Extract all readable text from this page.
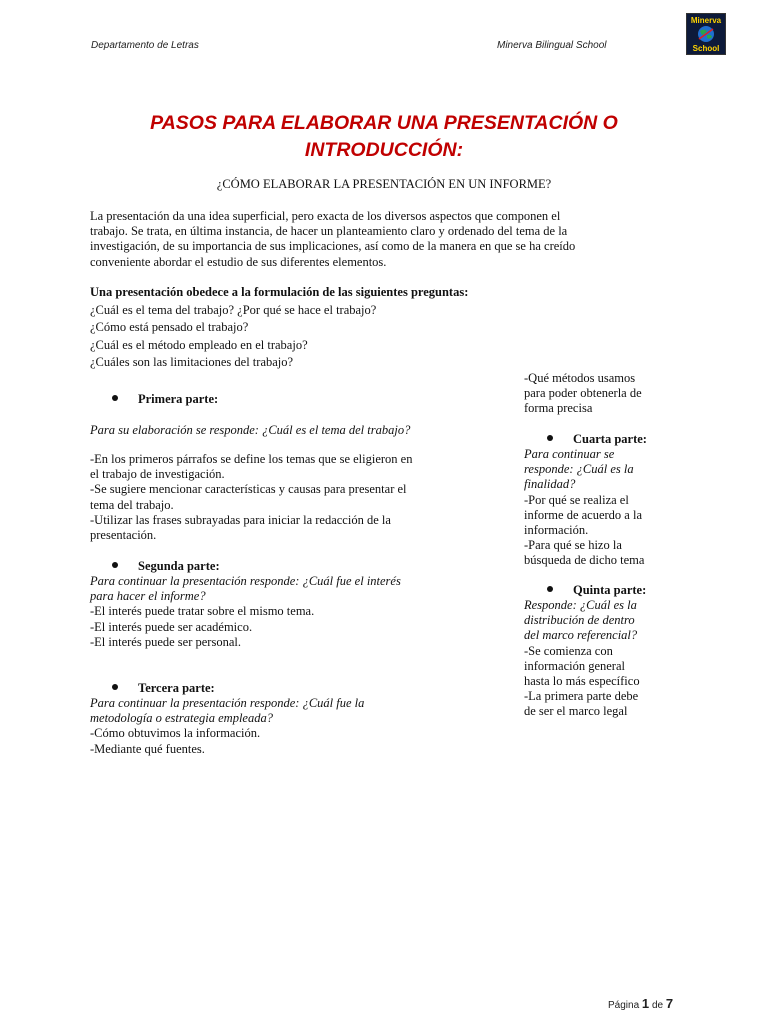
Departamento de Letras	Minerva Bilingual School
Minerva
School
PASOS PARA ELABORAR UNA PRESENTACIÓN O
INTRODUCCIÓN:
¿CÓMO ELABORAR LA PRESENTACIÓN EN UN INFORME?
La presentación da una idea superficial, pero exacta de los diversos aspectos que componen el
trabajo. Se trata, en última instancia, de hacer un planteamiento claro y ordenado del tema de la
investigación, de su importancia de sus implicaciones, así como de la manera en que se ha creído
conveniente abordar el estudio de sus diferentes elementos.
Una presentación obedece a la formulación de las siguientes preguntas:
¿Cuál es el tema del trabajo? ¿Por qué se hace el trabajo?
¿Cómo está pensado el trabajo?
¿Cuál es el método empleado en el trabajo?
¿Cuáles son las limitaciones del trabajo?
Primera parte:
Para su elaboración se responde: ¿Cuál es el tema del trabajo?
-En los primeros párrafos se define los temas que se eligieron en
el trabajo de investigación.
-Se sugiere mencionar características y causas para presentar el
tema del trabajo.
-Utilizar las frases subrayadas para iniciar la redacción de la
presentación.
Segunda parte:
Para continuar la presentación responde: ¿Cuál fue el interés
para hacer el informe?
-El interés puede tratar sobre el mismo tema.
-El interés puede ser académico.
-El interés puede ser personal.
Tercera parte:
Para continuar la presentación responde: ¿Cuál fue la
metodología o estrategia empleada?
-Cómo obtuvimos la información.
-Mediante qué fuentes.
-Qué métodos usamos
para poder obtenerla de
forma precisa
Cuarta parte:
Para continuar se
responde: ¿Cuál es la
finalidad?
-Por qué se realiza el
informe de acuerdo a la
información.
-Para qué se hizo la
búsqueda de dicho tema
Quinta parte:
Responde: ¿Cuál es la
distribución de dentro
del marco referencial?
-Se comienza con
información general
hasta lo más específico
-La primera parte debe
de ser el marco legal
Página 1 de 7
